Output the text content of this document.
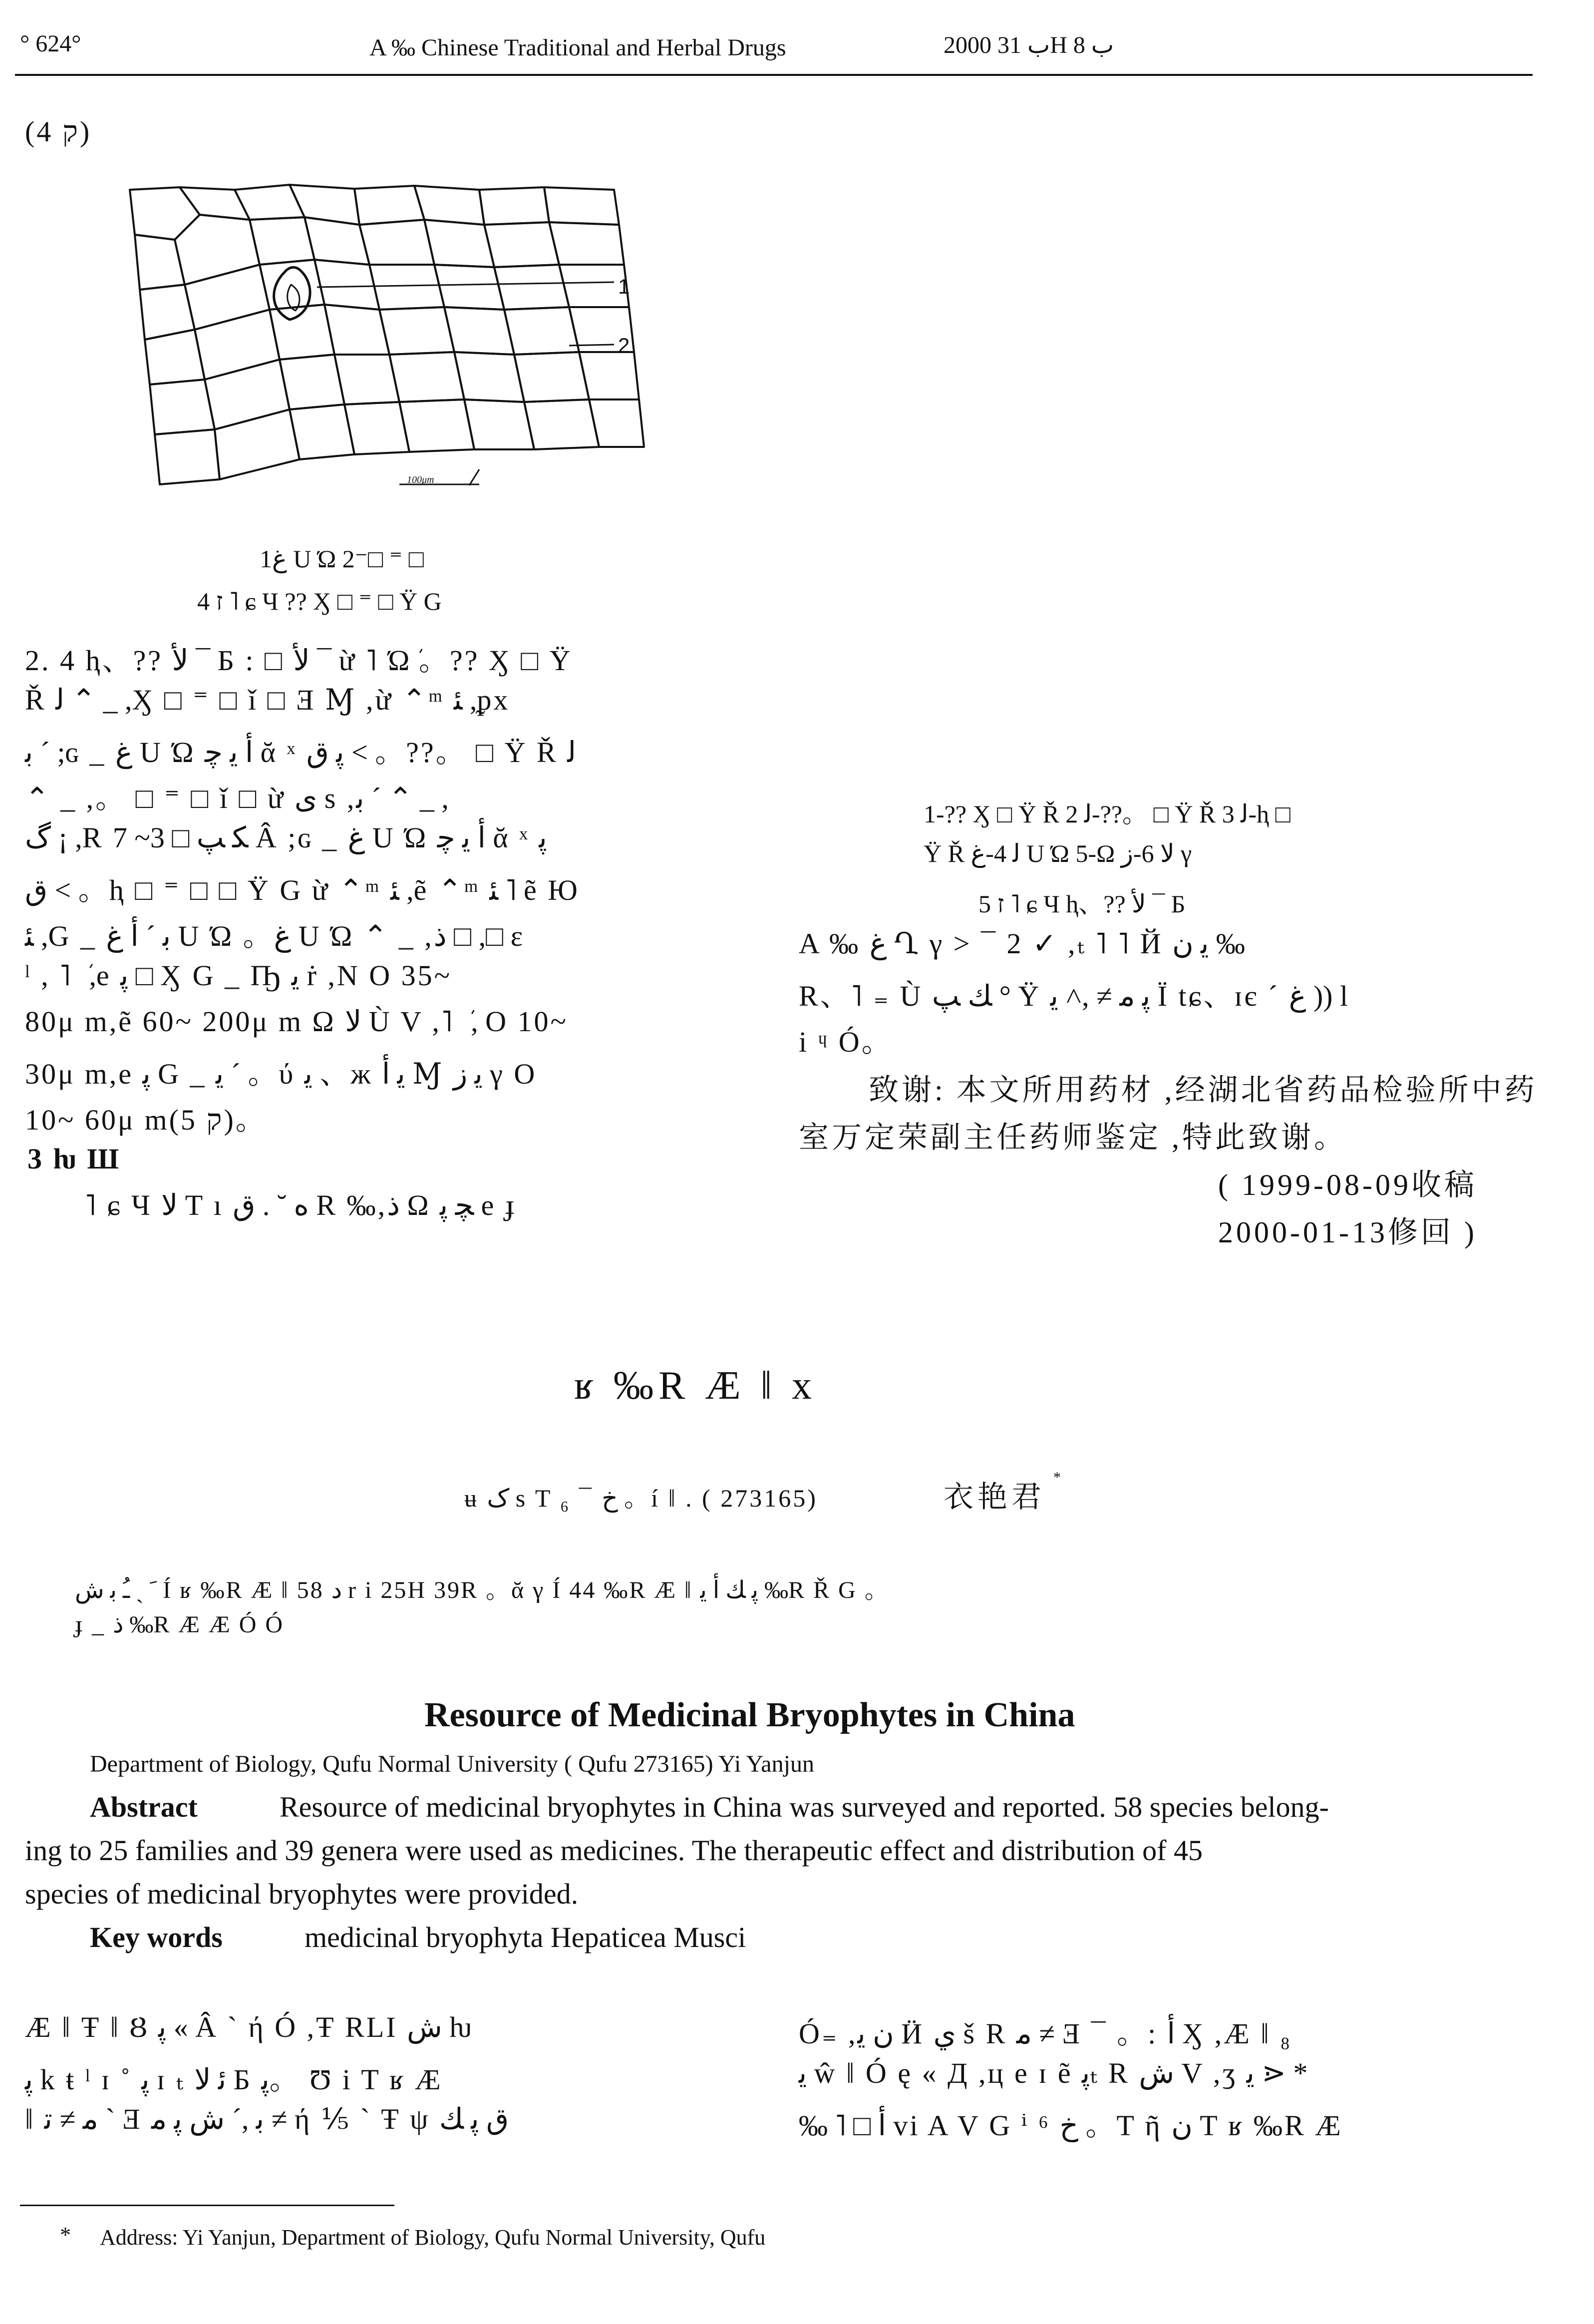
° 624°	A ‰ Chinese Traditional and Herbal Drugs	2000 ب 31H ب 8
(ק 4)
1
2
100μm
1غ U Ώ 2⁻□ ⁼ □
ז 4 ˥ ɕ Ч ?? Ӽ □ ⁼ □ Ÿ G
2. 4 ⱨ、?? ﻷ ¯ Б : □ ﻷ ¯ ừ ˥ Ώܿ 。?? Ӽ □ Ÿ
Ř ﻟ ⌃ _ ,Ӽ □ ⁼ □ ǐ □ Ǝ Ɱ ,ừ ⌃ᵐ ﺌ ,ᵱx
ﺑ ´ ;ɢ _ غ U Ώ ﺃ ﻳ ﭼ ᾰ ˣ ﭘ ﻕ < 。??。 □ Ÿ Ř ﻟ
⌃ _ ,。 □ ⁼ □ ǐ □ ừ ى s ,ﺑ ´ ⌃ _ ,
ﮒ ¡ ,R ﻜ ﭗ □ 3~ 7 Â ;ɢ _ غ U Ώ ﺃ ﻳ ﭼ ᾰ ˣ ﭘ
ﻕ < 。ⱨ □ ⁼ □ □ Ÿ G ừ ⌃ᵐ ﺌ ,ẽ ⌃ᵐ ﺌ ˥ ẽ Ю
ﺌ ,G _ ﺑ ´ ﺃ غ U Ώ 。غ U Ώ ⌃ _ ,ﺫ □ ,□ ε
ˡ , ˥ ܿ ,e ﭘ □ Ӽ G _ Ҧ ﻳ ṙ ,Ν O 35~
80μ m,ẽ 60~ 200μ m Ω ﻻ Ù V ,˥ ܿ , O 10~
30μ m,e ﭘ G _ ﻳ ´ 。ύ ﻳ 、ж ﻳ ﺃ Ɱ ﻳ ﺯ γ O
10~ 60μ m(ק 5)。
3 ƕ Ш
˥ ɕ Ч ﻻ T ı ﻩ ˘ . ق R ‰,ﺫ Ω ﭽ ﭘ e ɟ
1-?? Ӽ □ Ÿ Ř ﻟ 2-??。 □ Ÿ Ř ﻟ 3-ⱨ □
Ÿ Ř ﻟ 4-غ U Ώ 5-Ω ﻻ 6-ﺯ γ
ז 5 ˥ ɕ Ч ⱨ、?? ﻷ ¯ Б
A ‰ ﻍ Ղ γ > ¯ 2 ✓ ,ₜ ˥ ˥ Й ﻳ ﻥ ‰
R、˥ ₌ Ù ﻚ ﭗ ° Ÿ ﭘ ﻣ ≠ ,˄ ﻳ Ï tɕ、ɪє ˊ ﻍ )) l
i ᶣ Ó。
致谢: 本文所用药材 ,经湖北省药品检验所中药
室万定荣副主任药师鉴定 ,特此致谢。
( 1999-08-09收稿
2000-01-13修回 )
ʁ ‰R Æ ǁ x
ʉ ﮎ s T ₆ ¯ ﺥ 。í ǁ . ( 273165)	衣艳君
*
ﹶ ˎ ﹹ ﺑ ﺵ Í ʁ ‰R Æ ǁ 58 ﺩ r i 25H 39R 。ᾰ γ Í 44 ‰R Æ ǁ ﭘ ﻚ ﺃ ﻳ ‰R Ř G 。
ɟ _ ﺫ ‰R Æ Æ Ó Ó
Resource of Medicinal Bryophytes in China
Department of Biology, Qufu Normal University ( Qufu 273165) Yi Yanjun
Abstract	Resource of medicinal bryophytes in China was surveyed and reported. 58 species belong-
ing to 25 families and 39 genera were used as medicines. The therapeutic effect and distribution of 45
species of medicinal bryophytes were provided.
Key words	medicinal bryophyta Hepaticea Musci
Æ ǁ Ŧ ǁ Ȣ ﭘ « Â ˋ ή Ó ,Ŧ RLI ﺵ ƕ
ﭘ k ŧ ˡ ɪ ˚ ﭘ ɪ ₜ ﺋ ﻻ Б ﭘ。 Ʊ i T ʁ Æ
ǁ ﻣ ≠ ﺗ ` Ǝ ﺑ ,´ ﺵ ﭘ ﻣ ≠ ή ⅕ ˋ Ŧ ψ ﻕ ﭘ ﻚ
Ó₌ ,ﻥ ﻳ Ӥ ﻱ š R ﻣ ≠ Ǝ ¯ 。: ﺃ Ӽ ,Æ ǁ ₈
ﻳ ŵ ǁ Ó ę « Д ,ц e ɪ ẽ ﭘₜ R ﺵ V ,ʒ ﻳ ⋗ *
‰ ˥ □ ﺃ vi A V G ⁱ ⁶ ﺥ 。T ῆ ﻥ T ʁ ‰R Æ
* Address: Yi Yanjun, Department of Biology, Qufu Normal University, Qufu
